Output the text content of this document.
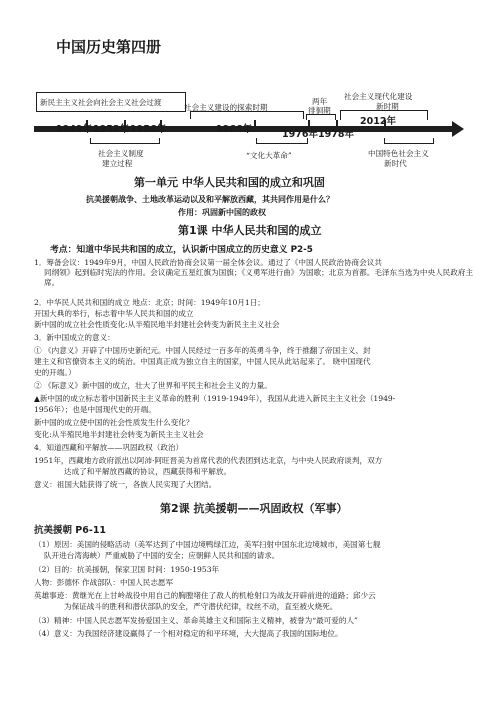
中国历史第四册
新民主主义社会向社会主义社会过渡
社会主义建设的探索时期
两年
徘徊期
社会主义现代化建设
新时期
1949年 1953年 1956年	1966年	1976年 1978年
2012年
社会主义制度
建立过程
“文化大革命”	中国特色社会主义
新时代
第一单元 中华人民共和国的成立和巩固
抗美援朝战争、土地改革运动以及和平解放西藏，其共同作用是什么？
作用：巩固新中国的政权
第1课 中华人民共和国的成立
考点：知道中华民共和国的成立，认识新中国成立的历史意义 P2-5
1．筹备会议：1949年9月，中国人民政治协商会议第一届全体会议。通过了《中国人民政治协商会议共
同纲领》起到临时宪法的作用。会议确定五星红旗为国旗；《义勇军进行曲》为国歌；北京为首都。毛泽东当选为中央人民政府主席。
2．中华民人民共和国的成立 地点：北京；时间：1949年10月1日；
开国大典的举行，标志着中华人民共和国的成立
新中国的成立社会性质变化:从半殖民地半封建社会转变为新民主主义社会
3．新中国成立的意义：
① 《内意义》开辟了中国历史新纪元。中国人民经过一百多年的英勇斗争，终于推翻了帝国主义、封
建主义和官僚资本主义的统治。中国真正成为独立自主的国家，中国人民从此站起来了。 晓中国现代
史的开端。）
② 《际意义》新中国的成立，壮大了世界和平民主和社会主义的力量。
▲新中国的成立标志着中国新民主主义革命的胜利（1919-1949年），我国从此进入新民主主义社会（1949-
1956年）；也是中国现代史的开端。
新中国的成立使中国的社会性质发生什么变化？
变化:从半殖民地半封建社会转变为新民主主义社会
4．知道西藏和平解放——巩固政权（政治）
1951年，西藏地方政府派出以阿沛·阿旺晋美为首席代表的代表团到达北京，与中央人民政府谈判，双方
达成了和平解放西藏的协议，西藏获得和平解放。
意义：祖国大陆获得了统一，各族人民实现了大团结。
第2课 抗美援朝——巩固政权（军事）
抗美援朝 P6-11
（1）原因：美国的侵略活动（美军达到了中国边境鸭绿江边，美军扫射中国东北边境城市，美国第七舰
队开进台湾海峡）严重威胁了中国的安全；应朝鲜人民共和国的请求。
（2）目的：抗美援朝，保家卫国 时间：1950-1953年
人物：彭德怀 作战部队：中国人民志愿军
英雄事迹：黄继光在上甘岭战役中用自己的胸膛堵住了敌人的机枪射口为战友开辟前进的道路；邱少云
为保证战斗的胜利和潜伏部队的安全，严守潜伏纪律，纹丝不动，直至被火烧死。
（3）精神：中国人民志愿军发扬爱国主义、革命英雄主义和国际主义精神，被誉为“最可爱的人”
（4）意义：为我国经济建设赢得了一个相对稳定的和平环境，大大提高了我国的国际地位。
